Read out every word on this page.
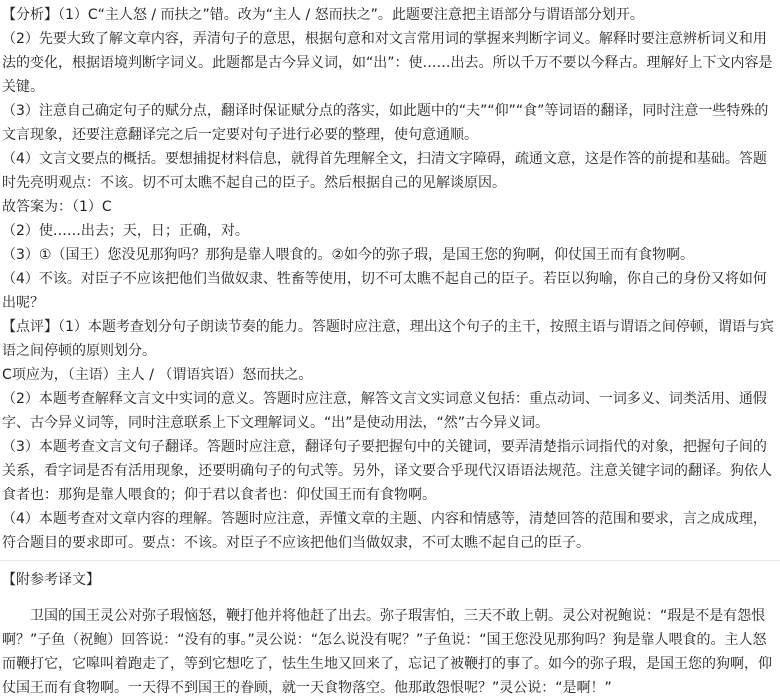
【分析】（1）C“主人怒 / 而扶之”错。改为“主人 / 怒而扶之”。此题要注意把主语部分与谓语部分划开。
（2）先要大致了解文章内容，弄清句子的意思，根据句意和对文言常用词的掌握来判断字词义。解释时要注意辨析词义和用法的变化，根据语境判断字词义。此题都是古今异义词，如“出”：使……出去。所以千万不要以今释古。理解好上下文内容是关键。
（3）注意自己确定句子的赋分点，翻译时保证赋分点的落实，如此题中的“夫”“仰”“食”等词语的翻译，同时注意一些特殊的文言现象，还要注意翻译完之后一定要对句子进行必要的整理，使句意通顺。
（4）文言文要点的概括。要想捕捉材料信息，就得首先理解全文，扫清文字障碍，疏通文意，这是作答的前提和基础。答题时先亮明观点：不该。切不可太瞧不起自己的臣子。然后根据自己的见解谈原因。
故答案为：（1）C
（2）使……出去；天，日；正确，对。
（3）①（国王）您没见那狗吗？那狗是靠人喂食的。②如今的弥子瑕，是国王您的狗啊，仰仗国王而有食物啊。
（4）不该。对臣子不应该把他们当做奴隶、牲畜等使用，切不可太瞧不起自己的臣子。若臣以狗喻，你自己的身份又将如何出呢？
【点评】（1）本题考查划分句子朗读节奏的能力。答题时应注意，理出这个句子的主干，按照主语与谓语之间停顿，谓语与宾语之间停顿的原则划分。
C项应为，（主语）主人 / （谓语宾语）怒而扶之。
（2）本题考查解释文言文中实词的意义。答题时应注意，解答文言文实词意义包括：重点动词、一词多义、词类活用、通假字、古今异义词等，同时注意联系上下文理解词义。“出”是使动用法，“然”古今异义词。
（3）本题考查文言文句子翻译。答题时应注意，翻译句子要把握句中的关键词，要弄清楚指示词指代的对象，把握句子间的关系，看字词是否有活用现象，还要明确句子的句式等。另外，译文要合乎现代汉语语法规范。注意关键字词的翻译。狗依人食者也：那狗是靠人喂食的；仰于君以食者也：仰仗国王而有食物啊。
（4）本题考查对文章内容的理解。答题时应注意，弄懂文章的主题、内容和情感等，清楚回答的范围和要求，言之成成理，符合题目的要求即可。要点：不该。对臣子不应该把他们当做奴隶，不可太瞧不起自己的臣子。
【附参考译文】
卫国的国王灵公对弥子瑕恼怒，鞭打他并将他赶了出去。弥子瑕害怕，三天不敢上朝。灵公对祝鲍说：“瑕是不是有怨恨啊？”子鱼（祝鲍）回答说：“没有的事。”灵公说：“怎么说没有呢？”子鱼说：“国王您没见那狗吗？狗是靠人喂食的。主人怒而鞭打它，它嗥叫着跑走了，等到它想吃了，怯生生地又回来了，忘记了被鞭打的事了。如今的弥子瑕，是国王您的狗啊，仰仗国王而有食物啊。一天得不到国王的眷顾，就一天食物落空。他那敢怨恨呢？”灵公说：“是啊！”
